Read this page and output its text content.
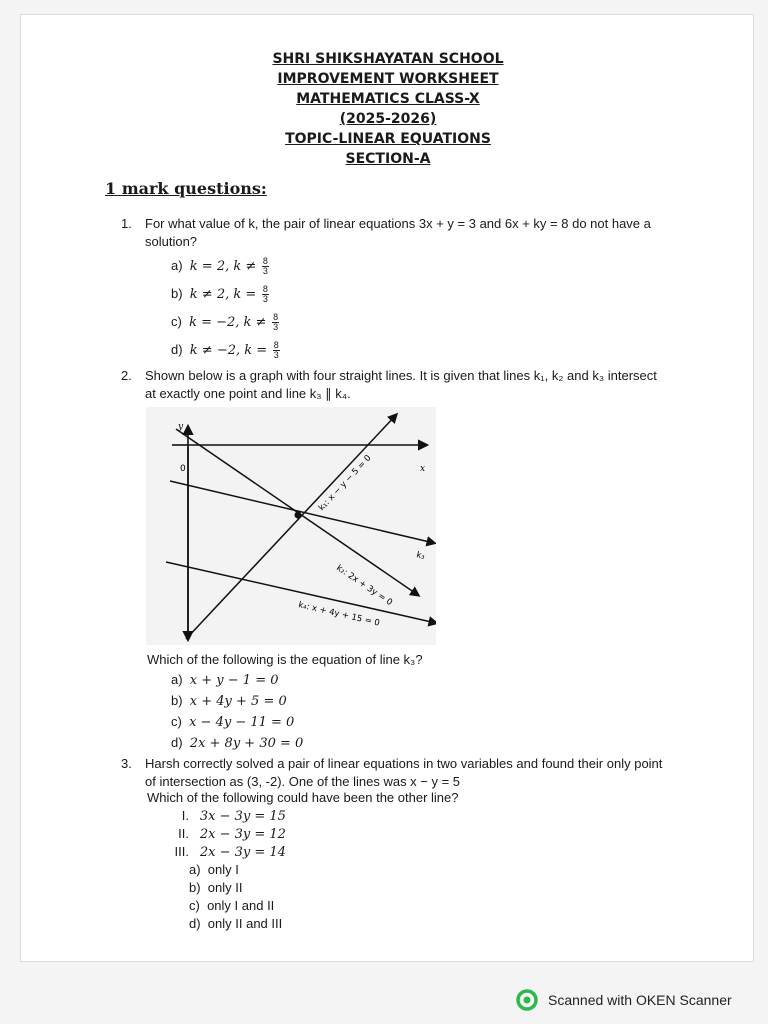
SHRI SHIKSHAYATAN SCHOOL
IMPROVEMENT WORKSHEET
MATHEMATICS CLASS-X
(2025-2026)
TOPIC-LINEAR EQUATIONS
SECTION-A
1 mark questions:
1. For what value of k, the pair of linear equations 3x + y = 3 and 6x + ky = 8 do not have a solution?
a) k = 2, $k \ne \frac{8}{3}$
b) k ≠ 2, $k = \frac{8}{3}$
c) k = −2, $k \ne \frac{8}{3}$
d) k ≠ −2, $k = \frac{8}{3}$
2. Shown below is a graph with four straight lines. It is given that lines k₁, k₂ and k₃ intersect at exactly one point and line k₃ ∥ k₄.
y
x
0	k₁: x − y − 5 = 0
k₂: 2x + 3y = 0
k₃
k₄: x + 4y + 15 = 0
Which of the following is the equation of line k₃?
a) x + y − 1 = 0
b) x + 4y + 5 = 0
c) x − 4y − 11 = 0
d) 2x + 8y + 30 = 0
3. Harsh correctly solved a pair of linear equations in two variables and found their only point of intersection as (3, -2). One of the lines was x − y = 5
Which of the following could have been the other line?
I. 3x − 3y = 15
II. 2x − 3y = 12
III. 2x − 3y = 14
a) only I
b) only II
c) only I and II
d) only II and III
Scanned with OKEN Scanner
